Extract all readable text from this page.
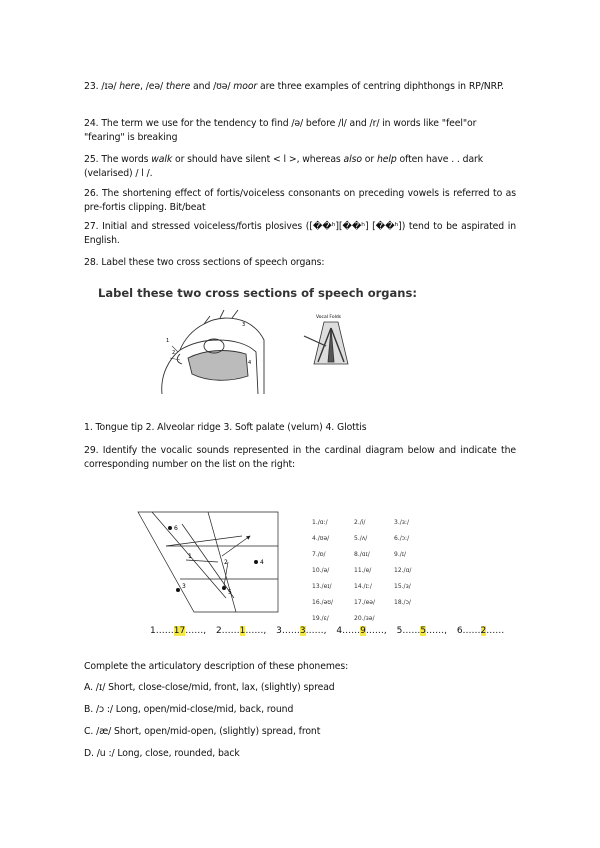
23. /ɪə/ here, /eə/ there and /ʊə/ moor are three examples of centring diphthongs in RP/NRP.
24. The term we use for the tendency to find /ə/ before /l/ and /r/ in words like "feel"or "fearing" is breaking
25. The words walk or should have silent < l >, whereas also or help often have . . dark (velarised) / l /.
26. The shortening effect of fortis/voiceless consonants on preceding vowels is referred to as pre-fortis clipping. Bit/beat
27. Initial and stressed voiceless/fortis plosives ([��ʰ][��ʰ] [��ʰ]) tend to be aspirated in English.
28. Label these two cross sections of speech organs:
Label these two cross sections of speech organs:
1
2
3
4
Vocal Folds
1. Tongue tip 2. Alveolar ridge 3. Soft palate (velum) 4. Glottis
29. Identify the vocalic sounds represented in the cardinal diagram below and indicate the corresponding number on the list on the right:
6
1
2	4
3
5
1./ɑ:/	2./i/	3./ɜ:/
4./ʊə/	5./ʌ/	6./ɔ:/
7./ɒ/	8./ɑɪ/	9./ɪ/
10./ə/	11./e/	12./ɑ/
13./eɪ/	14./ɪ:/	15./ɜ/
16./əʊ/	17./eə/	18./ɔ/
19./ɛ/	20./ɜə/
1……17……, 2……1……, 3……3……, 4……9……, 5……5……, 6……2……
Complete the articulatory description of these phonemes:
A. /ɪ/ Short, close-close/mid, front, lax, (slightly) spread
B. /ɔ :/ Long, open/mid-close/mid, back, round
C. /æ/ Short, open/mid-open, (slightly) spread, front
D. /u :/ Long, close, rounded, back
